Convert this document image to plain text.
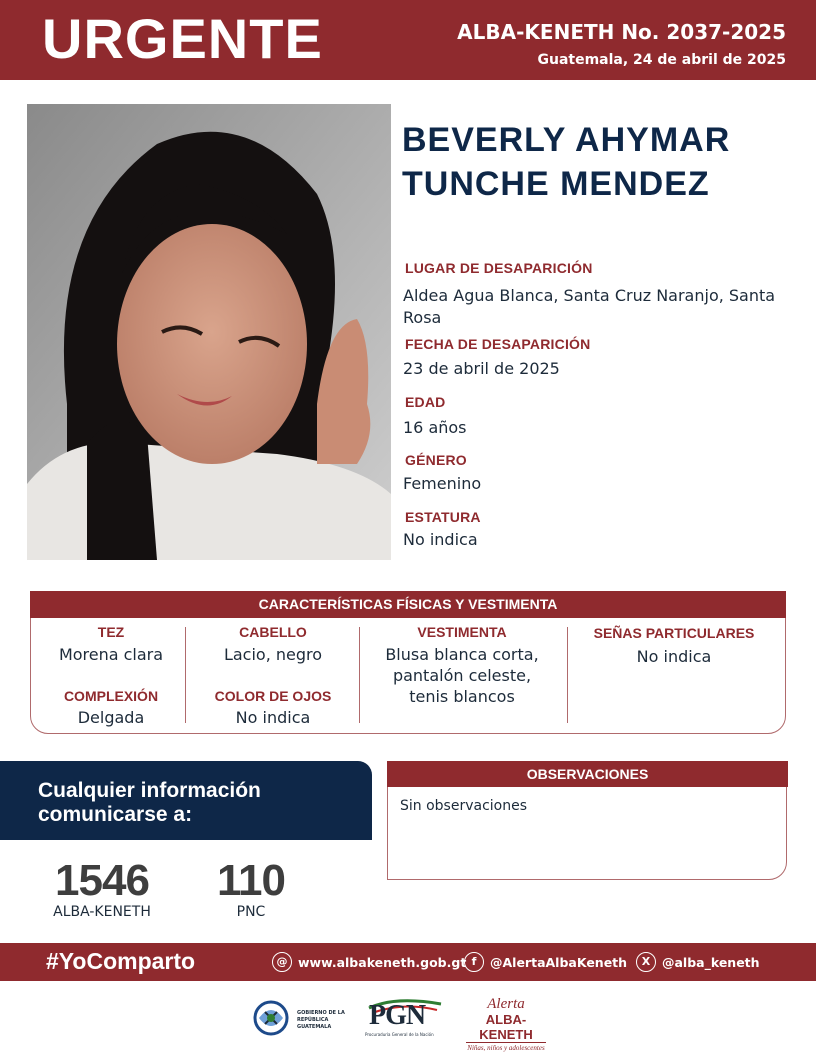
URGENTE	ALBA-KENETH No. 2037-2025
Guatemala, 24 de abril de 2025
BEVERLY AHYMAR
TUNCHE MENDEZ
LUGAR DE DESAPARICIÓN
Aldea Agua Blanca, Santa Cruz Naranjo, Santa Rosa
FECHA DE DESAPARICIÓN
23 de abril de 2025
EDAD
16 años
GÉNERO
Femenino
ESTATURA
No indica
CARACTERÍSTICAS FÍSICAS Y VESTIMENTA
TEZ
Morena clara
COMPLEXIÓN
Delgada
CABELLO
Lacio, negro
COLOR DE OJOS
No indica
VESTIMENTA
Blusa blanca corta, pantalón celeste, tenis blancos
SEÑAS PARTICULARES
No indica
Cualquier información
comunicarse a:
1546
ALBA-KENETH
110
PNC
OBSERVACIONES
Sin observaciones
#YoComparto	@ www.albakeneth.gob.gt f	@AlertaAlbaKeneth	X @alba_keneth
GOBIERNO DE LA REPÚBLICA GUATEMALA	PGN
Procuraduría General de la Nación
Alerta
ALBA-KENETH
Niñas, niños y adolescentes
